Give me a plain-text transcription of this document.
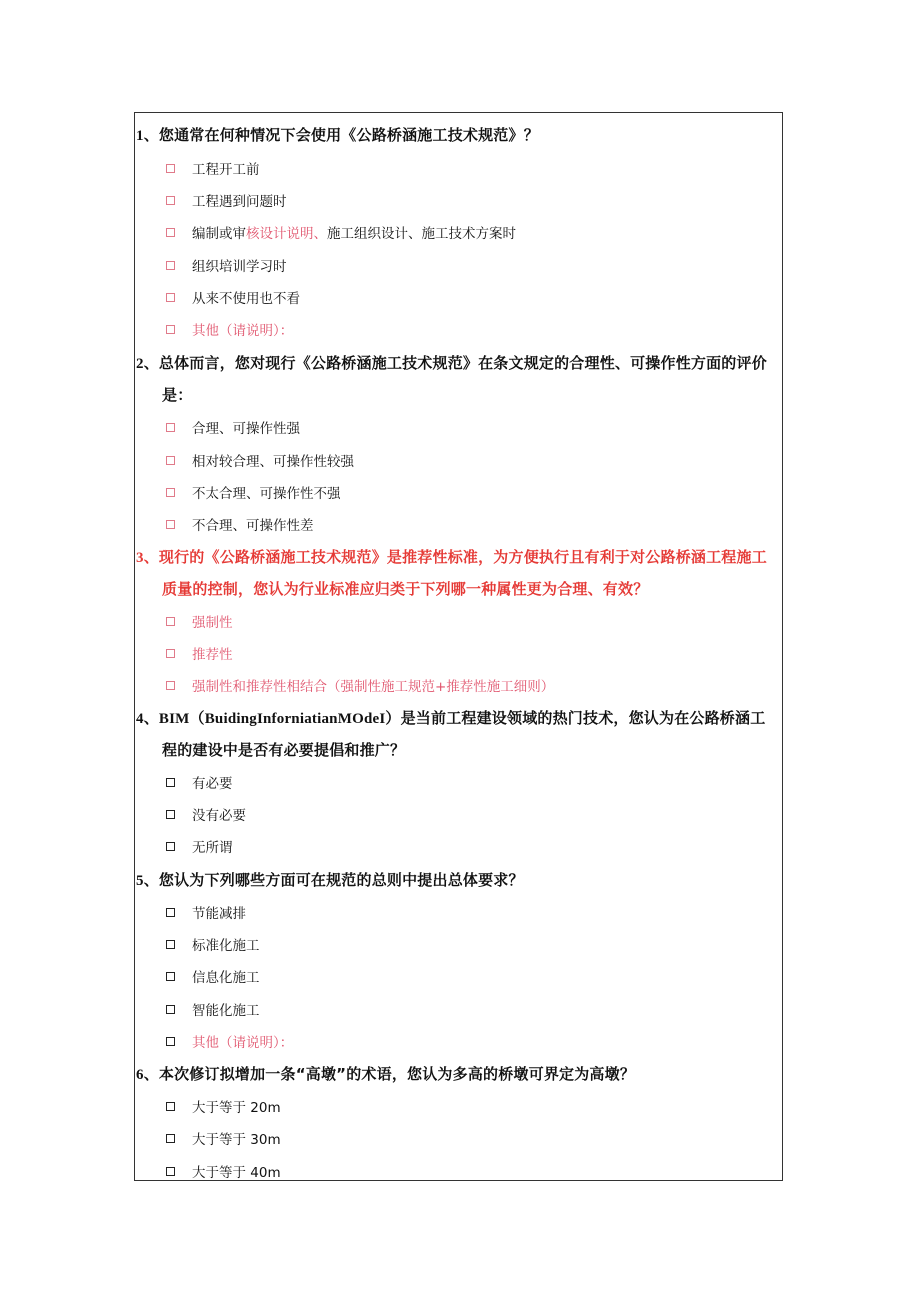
1、您通常在何种情况下会使用《公路桥涵施工技术规范》？
工程开工前
工程遇到问题时
编制或审 核设计说明、 施工组织设计、施工技术方案时
组织培训学习时
从来不使用也不看
其他（请说明）：
2、总体而言，您对现行《公路桥涵施工技术规范》在条文规定的合理性、可操作性方面的评价
是：
合理、可操作性强
相对较合理、可操作性较强
不太合理、可操作性不强
不合理、可操作性差
3、现行的《公路桥涵施工技术规范》是推荐性标准，为方便执行且有利于对公路桥涵工程施工
质量的控制，您认为行业标准应归类于下列哪一种属性更为合理、有效？
强制性
推荐性
强制性和推荐性相结合（强制性施工规范+推荐性施工细则）
4、BIM（BuidingInforniatianMOdeI）是当前工程建设领域的热门技术，您认为在公路桥涵工
程的建设中是否有必要提倡和推广？
有必要
没有必要
无所谓
5、您认为下列哪些方面可在规范的总则中提出总体要求？
节能减排
标准化施工
信息化施工
智能化施工
其他（请说明）：
6、本次修订拟增加一条“高墩”的术语，您认为多高的桥墩可界定为高墩？
大于等于 20m
大于等于 30m
大于等于 40m
